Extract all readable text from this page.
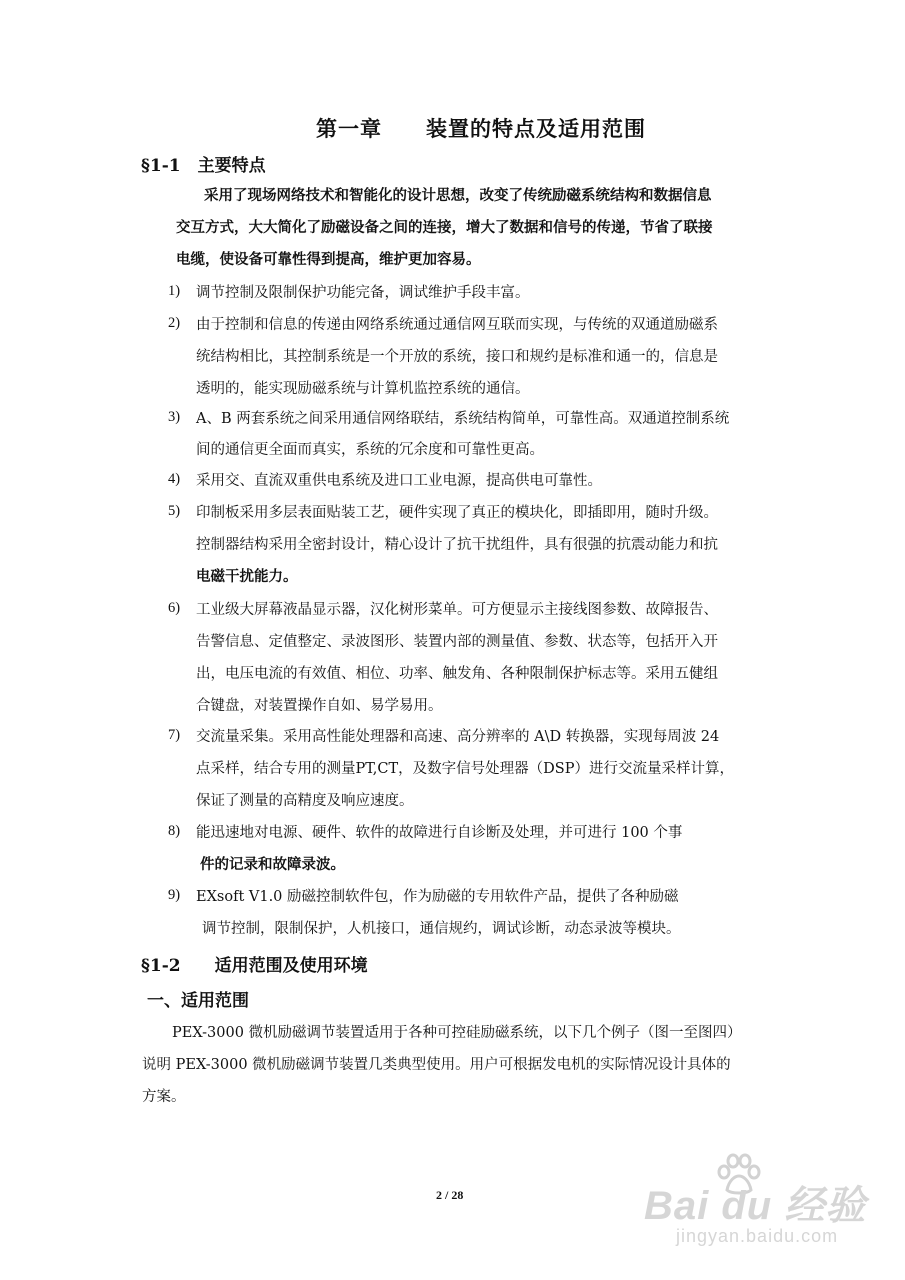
第一章　　装置的特点及适用范围
§1-1　主要特点
采用了现场网络技术和智能化的设计思想，改变了传统励磁系统结构和数据信息
交互方式，大大简化了励磁设备之间的连接，增大了数据和信号的传递，节省了联接
电缆，使设备可靠性得到提高，维护更加容易。
1) 调节控制及限制保护功能完备，调试维护手段丰富。
2) 由于控制和信息的传递由网络系统通过通信网互联而实现，与传统的双通道励磁系
统结构相比，其控制系统是一个开放的系统，接口和规约是标准和通一的，信息是
透明的，能实现励磁系统与计算机监控系统的通信。
3) A、B 两套系统之间采用通信网络联结，系统结构简单，可靠性高。双通道控制系统
间的通信更全面而真实，系统的冗余度和可靠性更高。
4) 采用交、直流双重供电系统及进口工业电源，提高供电可靠性。
5) 印制板采用多层表面贴装工艺，硬件实现了真正的模块化，即插即用，随时升级。
控制器结构采用全密封设计，精心设计了抗干扰组件，具有很强的抗震动能力和抗
电磁干扰能力。
6) 工业级大屏幕液晶显示器，汉化树形菜单。可方便显示主接线图参数、故障报告、
告警信息、定值整定、录波图形、装置内部的测量值、参数、状态等，包括开入开
出，电压电流的有效值、相位、功率、触发角、各种限制保护标志等。采用五健组
合键盘，对装置操作自如、易学易用。
7) 交流量采集。采用高性能处理器和高速、高分辨率的 A\D 转换器，实现每周波 24
点采样，结合专用的测量PT,CT，及数字信号处理器（DSP）进行交流量采样计算，
保证了测量的高精度及响应速度。
8) 能迅速地对电源、硬件、软件的故障进行自诊断及处理，并可进行 100 个事
件的记录和故障录波。
9) EXsoft V1.0 励磁控制软件包，作为励磁的专用软件产品，提供了各种励磁
调节控制，限制保护，人机接口，通信规约，调试诊断，动态录波等模块。
§1-2　　适用范围及使用环境
一、适用范围
PEX-3000 微机励磁调节装置适用于各种可控硅励磁系统，以下几个例子（图一至图四）
说明 PEX-3000 微机励磁调节装置几类典型使用。用户可根据发电机的实际情况设计具体的
方案。
2 / 28	Bai du 经验
jingyan.baidu.com
